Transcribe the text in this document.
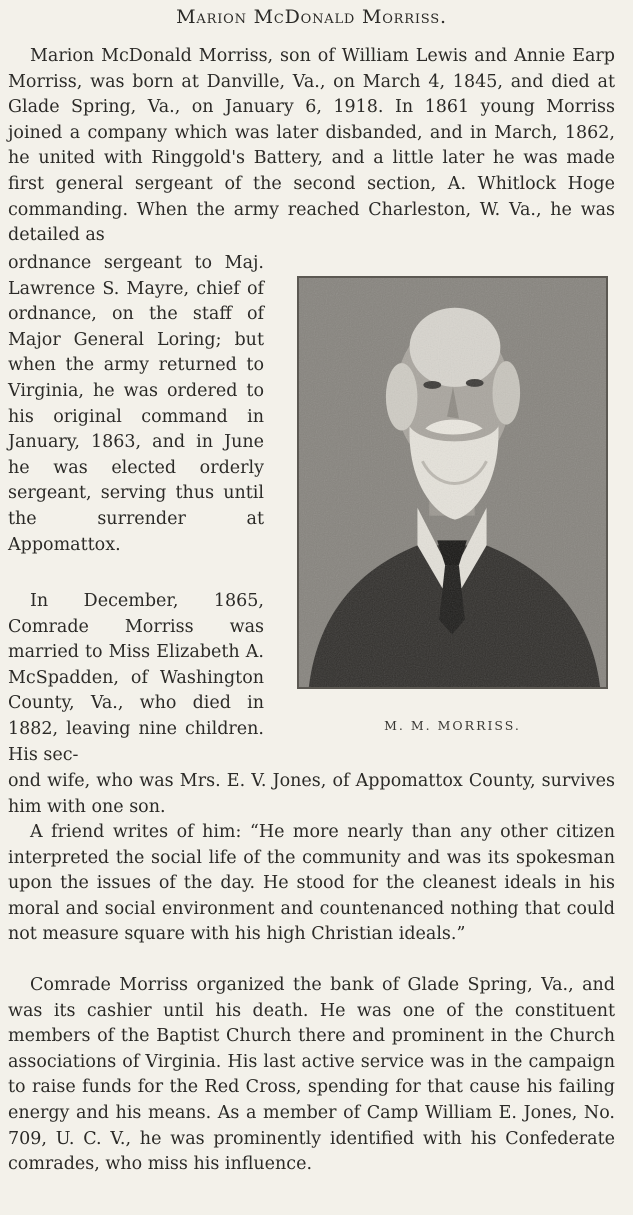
Marion McDonald Morriss.

Marion McDonald Morriss, son of William Lewis and Annie Earp Morriss, was born at Danville, Va., on March 4, 1845, and died at Glade Spring, Va., on January 6, 1918. In 1861 young Morriss joined a company which was later disbanded, and in March, 1862, he united with Ringgold's Battery, and a little later he was made first general sergeant of the second section, A. Whitlock Hoge commanding. When the army reached Charleston, W. Va., he was detailed as

ordnance sergeant to Maj. Lawrence S. Mayre, chief of ordnance, on the staff of Major General Loring; but when the army returned to Virginia, he was ordered to his original command in January, 1863, and in June he was elected orderly sergeant, serving thus until the surrender at Appomattox.

In December, 1865, Comrade Morriss was married to Miss Elizabeth A. McSpadden, of Washington County, Va., who died in 1882, leaving nine children. His sec-

ond wife, who was Mrs. E. V. Jones, of Appomattox County, survives him with one son.

A friend writes of him: “He more nearly than any other citizen interpreted the social life of the community and was its spokesman upon the issues of the day. He stood for the cleanest ideals in his moral and social environment and countenanced nothing that could not measure square with his high Christian ideals.”

Comrade Morriss organized the bank of Glade Spring, Va., and was its cashier until his death. He was one of the constituent members of the Baptist Church there and prominent in the Church associations of Virginia. His last active service was in the campaign to raise funds for the Red Cross, spending for that cause his failing energy and his means. As a member of Camp William E. Jones, No. 709, U. C. V., he was prominently identified with his Confederate comrades, who miss his influence.

M. M. MORRISS.
